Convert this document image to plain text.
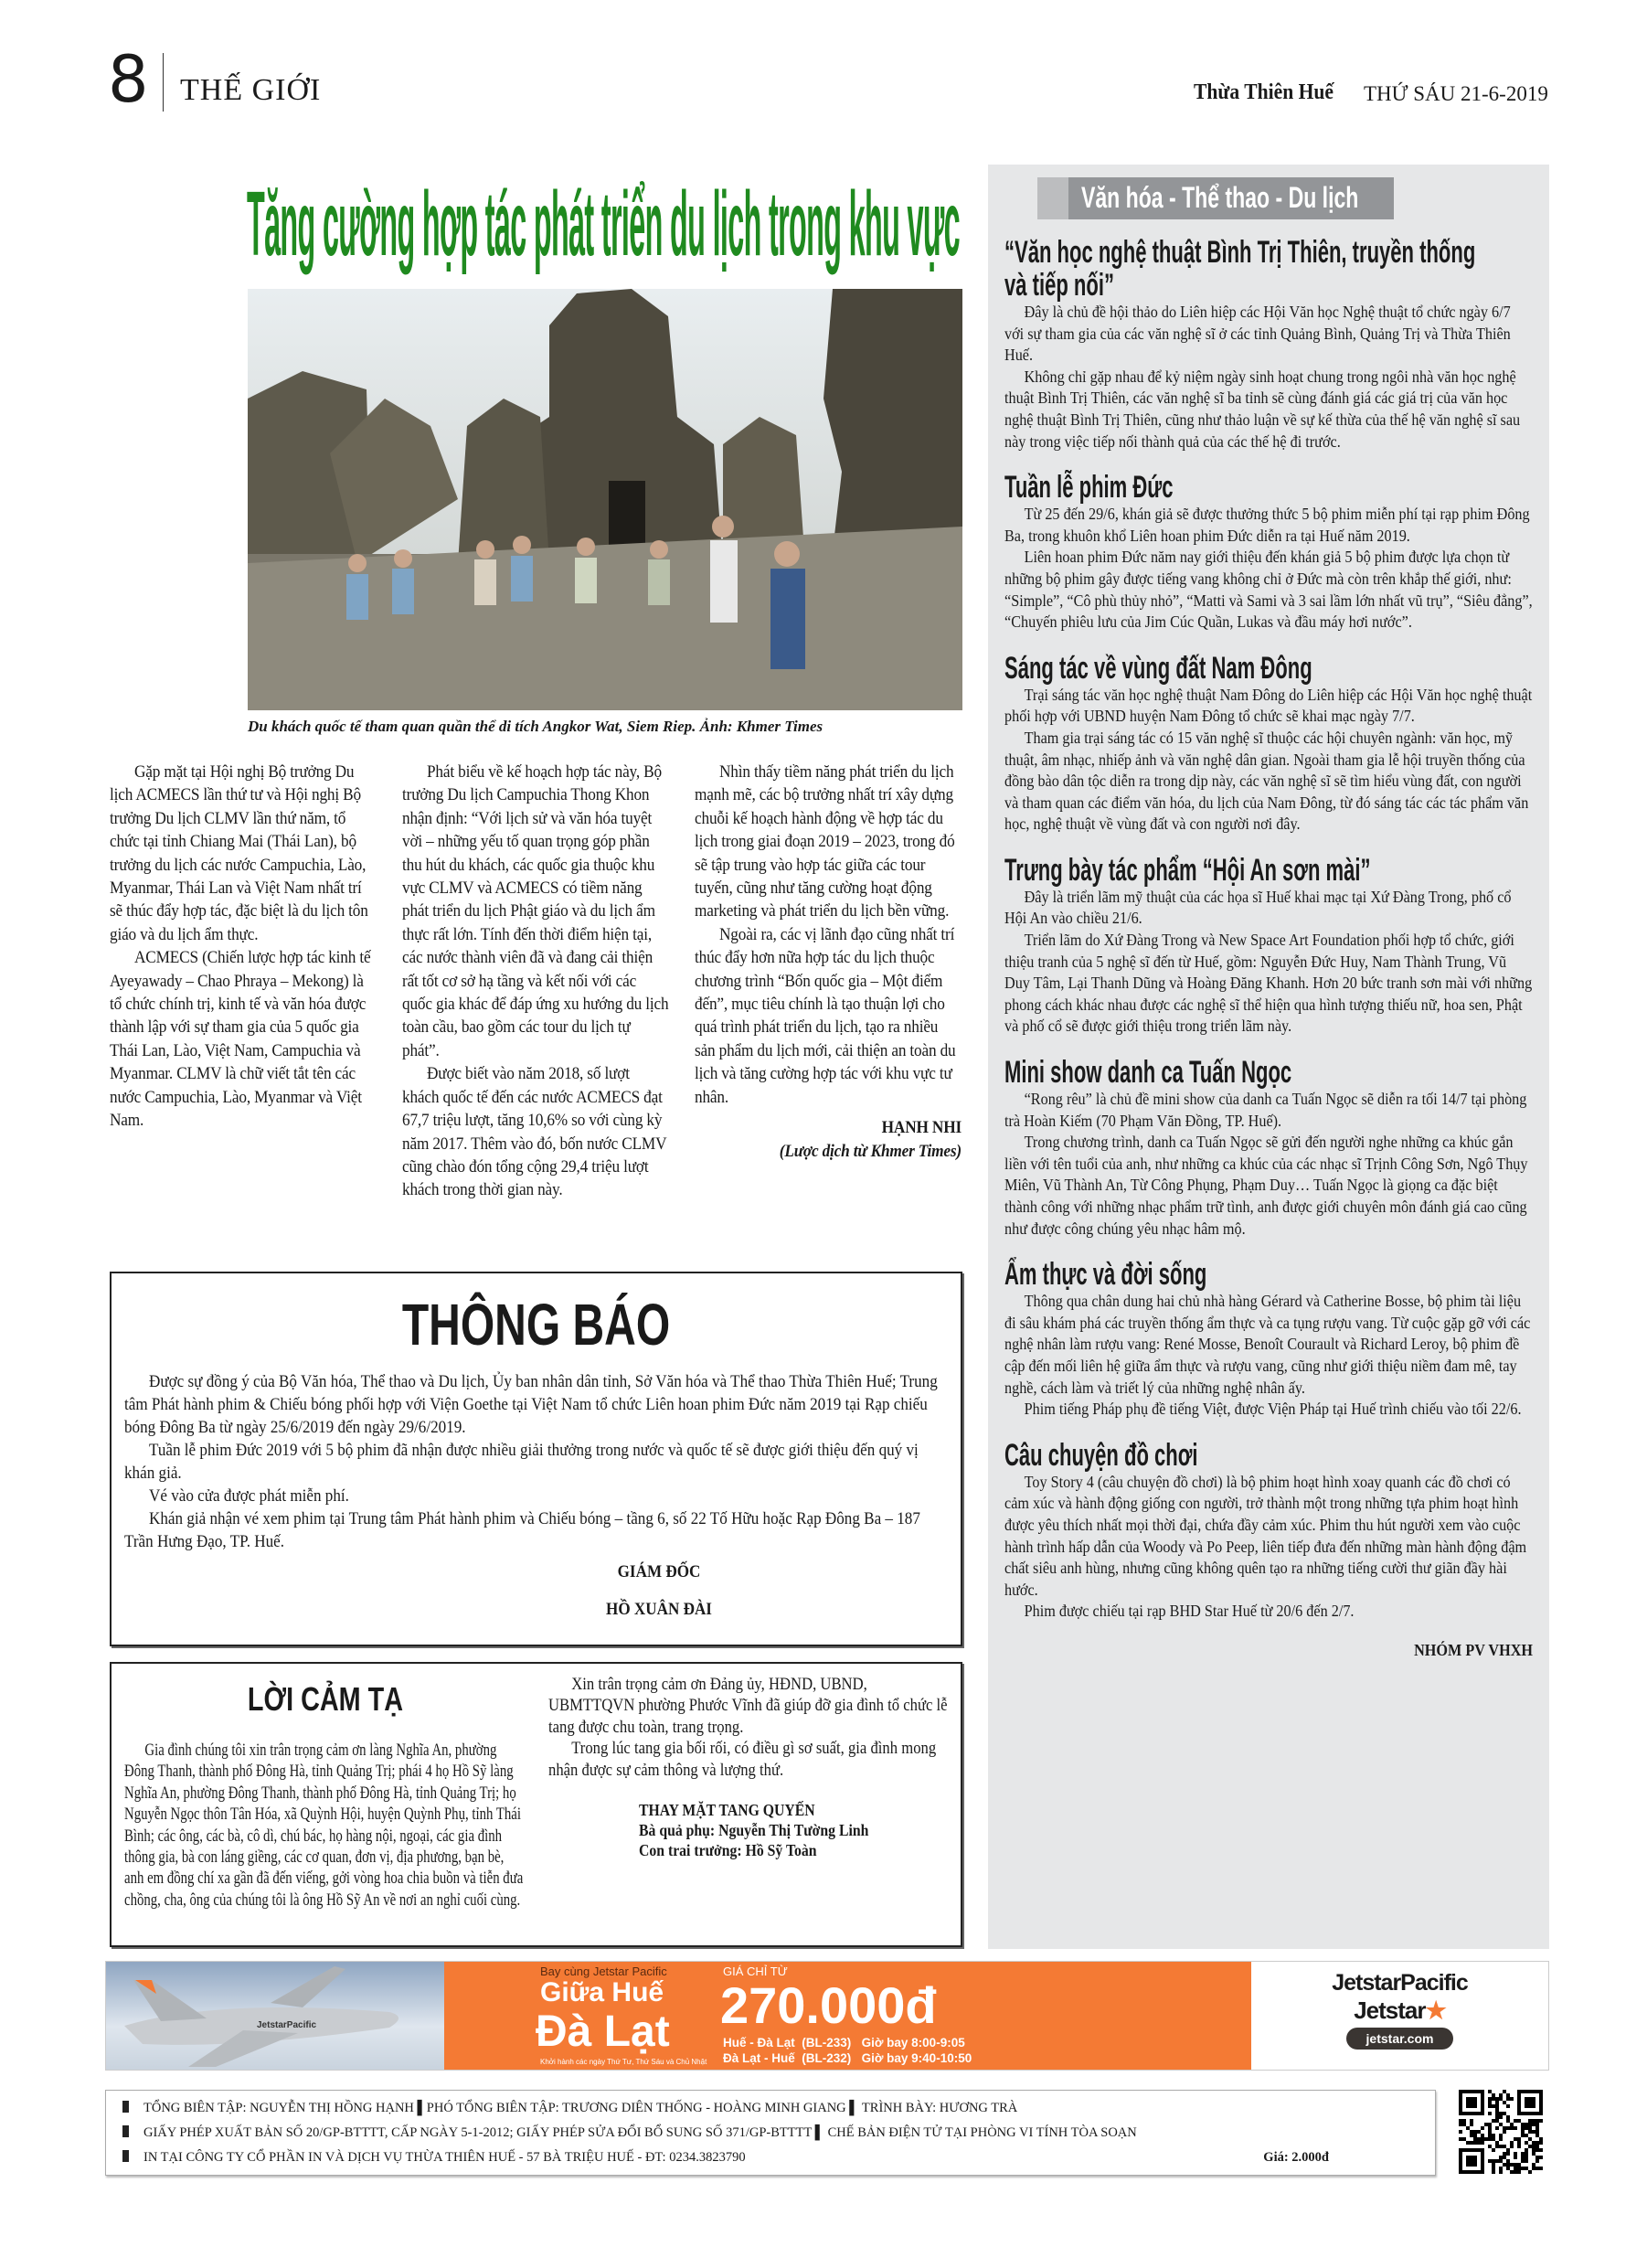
8 THẾ GIỚI	Thừa Thiên Huế THỨ SÁU 21-6-2019
Tăng cường hợp tác phát triển du lịch trong khu vực
Du khách quốc tế tham quan quần thể di tích Angkor Wat, Siem Riep. Ảnh: Khmer Times

Gặp mặt tại Hội nghị Bộ trưởng Du lịch ACMECS lần thứ tư và Hội nghị Bộ trưởng Du lịch CLMV lần thứ năm, tổ chức tại tỉnh Chiang Mai (Thái Lan), bộ trưởng du lịch các nước Campuchia, Lào, Myanmar, Thái Lan và Việt Nam nhất trí sẽ thúc đẩy hợp tác, đặc biệt là du lịch tôn giáo và du lịch ẩm thực.

ACMECS (Chiến lược hợp tác kinh tế Ayeyawady – Chao Phraya – Mekong) là tổ chức chính trị, kinh tế và văn hóa được thành lập với sự tham gia của 5 quốc gia Thái Lan, Lào, Việt Nam, Campuchia và Myanmar. CLMV là chữ viết tắt tên các nước Campuchia, Lào, Myanmar và Việt Nam.

Phát biểu về kế hoạch hợp tác này, Bộ trưởng Du lịch Campuchia Thong Khon nhận định: “Với lịch sử và văn hóa tuyệt vời – những yếu tố quan trọng góp phần thu hút du khách, các quốc gia thuộc khu vực CLMV và ACMECS có tiềm năng phát triển du lịch Phật giáo và du lịch ẩm thực rất lớn. Tính đến thời điểm hiện tại, các nước thành viên đã và đang cải thiện rất tốt cơ sở hạ tầng và kết nối với các quốc gia khác để đáp ứng xu hướng du lịch toàn cầu, bao gồm các tour du lịch tự phát”.

Được biết vào năm 2018, số lượt khách quốc tế đến các nước ACMECS đạt 67,7 triệu lượt, tăng 10,6% so với cùng kỳ năm 2017. Thêm vào đó, bốn nước CLMV cũng chào đón tổng cộng 29,4 triệu lượt khách trong thời gian này.

Nhìn thấy tiềm năng phát triển du lịch mạnh mẽ, các bộ trưởng nhất trí xây dựng chuỗi kế hoạch hành động về hợp tác du lịch trong giai đoạn 2019 – 2023, trong đó sẽ tập trung vào hợp tác giữa các tour tuyến, cũng như tăng cường hoạt động marketing và phát triển du lịch bền vững.

Ngoài ra, các vị lãnh đạo cũng nhất trí thúc đẩy hơn nữa hợp tác du lịch thuộc chương trình “Bốn quốc gia – Một điểm đến”, mục tiêu chính là tạo thuận lợi cho quá trình phát triển du lịch, tạo ra nhiều sản phẩm du lịch mới, cải thiện an toàn du lịch và tăng cường hợp tác với khu vực tư nhân.

HẠNH NHI

(Lược dịch từ Khmer Times)

THÔNG BÁO

Được sự đồng ý của Bộ Văn hóa, Thể thao và Du lịch, Ủy ban nhân dân tỉnh, Sở Văn hóa và Thể thao Thừa Thiên Huế; Trung tâm Phát hành phim & Chiếu bóng phối hợp với Viện Goethe tại Việt Nam tổ chức Liên hoan phim Đức năm 2019 tại Rạp chiếu bóng Đông Ba từ ngày 25/6/2019 đến ngày 29/6/2019.

Tuần lễ phim Đức 2019 với 5 bộ phim đã nhận được nhiều giải thưởng trong nước và quốc tế sẽ được giới thiệu đến quý vị khán giả.

Vé vào cửa được phát miễn phí.

Khán giả nhận vé xem phim tại Trung tâm Phát hành phim và Chiếu bóng – tầng 6, số 22 Tố Hữu hoặc Rạp Đông Ba – 187 Trần Hưng Đạo, TP. Huế.

GIÁM ĐỐC

HỒ XUÂN ĐÀI

LỜI CẢM TẠ

Gia đình chúng tôi xin trân trọng cảm ơn làng Nghĩa An, phường Đông Thanh, thành phố Đông Hà, tỉnh Quảng Trị; phái 4 họ Hồ Sỹ làng Nghĩa An, phường Đông Thanh, thành phố Đông Hà, tỉnh Quảng Trị; họ Nguyễn Ngọc thôn Tân Hóa, xã Quỳnh Hội, huyện Quỳnh Phụ, tỉnh Thái Bình; các ông, các bà, cô dì, chú bác, họ hàng nội, ngoại, các gia đình thông gia, bà con láng giềng, các cơ quan, đơn vị, địa phương, bạn bè, anh em đồng chí xa gần đã đến viếng, gởi vòng hoa chia buồn và tiễn đưa chồng, cha, ông của chúng tôi là ông Hồ Sỹ An về nơi an nghỉ cuối cùng.

Xin trân trọng cảm ơn Đảng ủy, HĐND, UBND, UBMTTQVN phường Phước Vĩnh đã giúp đỡ gia đình tổ chức lễ tang được chu toàn, trang trọng.

Trong lúc tang gia bối rối, có điều gì sơ suất, gia đình mong nhận được sự cảm thông và lượng thứ.

THAY MẶT TANG QUYẾN
Bà quả phụ: Nguyễn Thị Tường Linh
Con trai trưởng: Hồ Sỹ Toàn

Văn hóa - Thể thao - Du lịch
“Văn học nghệ thuật Bình Trị Thiên, truyền thống và tiếp nối”

Đây là chủ đề hội thảo do Liên hiệp các Hội Văn học Nghệ thuật tổ chức ngày 6/7 với sự tham gia của các văn nghệ sĩ ở các tỉnh Quảng Bình, Quảng Trị và Thừa Thiên Huế.

Không chỉ gặp nhau để kỷ niệm ngày sinh hoạt chung trong ngôi nhà văn học nghệ thuật Bình Trị Thiên, các văn nghệ sĩ ba tỉnh sẽ cùng đánh giá các giá trị của văn học nghệ thuật Bình Trị Thiên, cũng như thảo luận về sự kế thừa của thế hệ văn nghệ sĩ sau này trong việc tiếp nối thành quả của các thế hệ đi trước.

Tuần lễ phim Đức

Từ 25 đến 29/6, khán giả sẽ được thưởng thức 5 bộ phim miễn phí tại rạp phim Đông Ba, trong khuôn khổ Liên hoan phim Đức diễn ra tại Huế năm 2019.

Liên hoan phim Đức năm nay giới thiệu đến khán giả 5 bộ phim được lựa chọn từ những bộ phim gây được tiếng vang không chỉ ở Đức mà còn trên khắp thế giới, như: “Simple”, “Cô phù thủy nhỏ”, “Matti và Sami và 3 sai lầm lớn nhất vũ trụ”, “Siêu đẳng”, “Chuyến phiêu lưu của Jim Cúc Quần, Lukas và đầu máy hơi nước”.

Sáng tác về vùng đất Nam Đông

Trại sáng tác văn học nghệ thuật Nam Đông do Liên hiệp các Hội Văn học nghệ thuật phối hợp với UBND huyện Nam Đông tổ chức sẽ khai mạc ngày 7/7.

Tham gia trại sáng tác có 15 văn nghệ sĩ thuộc các hội chuyên ngành: văn học, mỹ thuật, âm nhạc, nhiếp ảnh và văn nghệ dân gian. Ngoài tham gia lễ hội truyền thống của đồng bào dân tộc diễn ra trong dịp này, các văn nghệ sĩ sẽ tìm hiểu vùng đất, con người và tham quan các điểm văn hóa, du lịch của Nam Đông, từ đó sáng tác các tác phẩm văn học, nghệ thuật về vùng đất và con người nơi đây.

Trưng bày tác phẩm “Hội An sơn mài”

Đây là triển lãm mỹ thuật của các họa sĩ Huế khai mạc tại Xứ Đàng Trong, phố cổ Hội An vào chiều 21/6.

Triển lãm do Xứ Đàng Trong và New Space Art Foundation phối hợp tổ chức, giới thiệu tranh của 5 nghệ sĩ đến từ Huế, gồm: Nguyễn Đức Huy, Nam Thành Trung, Vũ Duy Tâm, Lại Thanh Dũng và Hoàng Đăng Khanh. Hơn 20 bức tranh sơn mài với những phong cách khác nhau được các nghệ sĩ thể hiện qua hình tượng thiếu nữ, hoa sen, Phật và phố cổ sẽ được giới thiệu trong triển lãm này.

Mini show danh ca Tuấn Ngọc

“Rong rêu” là chủ đề mini show của danh ca Tuấn Ngọc sẽ diễn ra tối 14/7 tại phòng trà Hoàn Kiếm (70 Phạm Văn Đồng, TP. Huế).

Trong chương trình, danh ca Tuấn Ngọc sẽ gửi đến người nghe những ca khúc gắn liền với tên tuổi của anh, như những ca khúc của các nhạc sĩ Trịnh Công Sơn, Ngô Thụy Miên, Vũ Thành An, Từ Công Phụng, Phạm Duy… Tuấn Ngọc là giọng ca đặc biệt thành công với những nhạc phẩm trữ tình, anh được giới chuyên môn đánh giá cao cũng như được công chúng yêu nhạc hâm mộ.

Ẩm thực và đời sống

Thông qua chân dung hai chủ nhà hàng Gérard và Catherine Bosse, bộ phim tài liệu đi sâu khám phá các truyền thống ẩm thực và ca tụng rượu vang. Từ cuộc gặp gỡ với các nghệ nhân làm rượu vang: René Mosse, Benoît Courault và Richard Leroy, bộ phim đề cập đến mối liên hệ giữa ẩm thực và rượu vang, cũng như giới thiệu niềm đam mê, tay nghề, cách làm và triết lý của những nghệ nhân ấy.

Phim tiếng Pháp phụ đề tiếng Việt, được Viện Pháp tại Huế trình chiếu vào tối 22/6.

Câu chuyện đồ chơi

Toy Story 4 (câu chuyện đồ chơi) là bộ phim hoạt hình xoay quanh các đồ chơi có cảm xúc và hành động giống con người, trở thành một trong những tựa phim hoạt hình được yêu thích nhất mọi thời đại, chứa đầy cảm xúc. Phim thu hút người xem vào cuộc hành trình hấp dẫn của Woody và Po Peep, liên tiếp đưa đến những màn hành động đậm chất siêu anh hùng, nhưng cũng không quên tạo ra những tiếng cười thư giãn đầy hài hước.

Phim được chiếu tại rạp BHD Star Huế từ 20/6 đến 2/7.

NHÓM PV VHXH
JetstarPacific
Bay cùng Jetstar Pacific
Giữa Huế
Đà Lạt
Khởi hành các ngày Thứ Tư, Thứ Sáu và Chủ Nhật
GIÁ CHỈ TỪ
270.000đ
Huế - Đà Lạt (BL-233) Giờ bay 8:00-9:05
Đà Lạt - Huế (BL-232) Giờ bay 9:40-10:50
JetstarPacific
Jetstar★
jetstar.com
TỔNG BIÊN TẬP: NGUYỄN THỊ HỒNG HẠNH ▌PHÓ TỔNG BIÊN TẬP: TRƯƠNG DIÊN THỐNG - HOÀNG MINH GIANG ▌ TRÌNH BÀY: HƯƠNG TRÀ
GIẤY PHÉP XUẤT BẢN SỐ 20/GP-BTTTT, CẤP NGÀY 5-1-2012; GIẤY PHÉP SỬA ĐỔI BỔ SUNG SỐ 371/GP-BTTTT ▌ CHẾ BẢN ĐIỆN TỬ TẠI PHÒNG VI TÍNH TÒA SOẠN
IN TẠI CÔNG TY CỔ PHẦN IN VÀ DỊCH VỤ THỪA THIÊN HUẾ - 57 BÀ TRIỆU HUẾ - ĐT: 0234.3823790	Giá: 2.000đ
